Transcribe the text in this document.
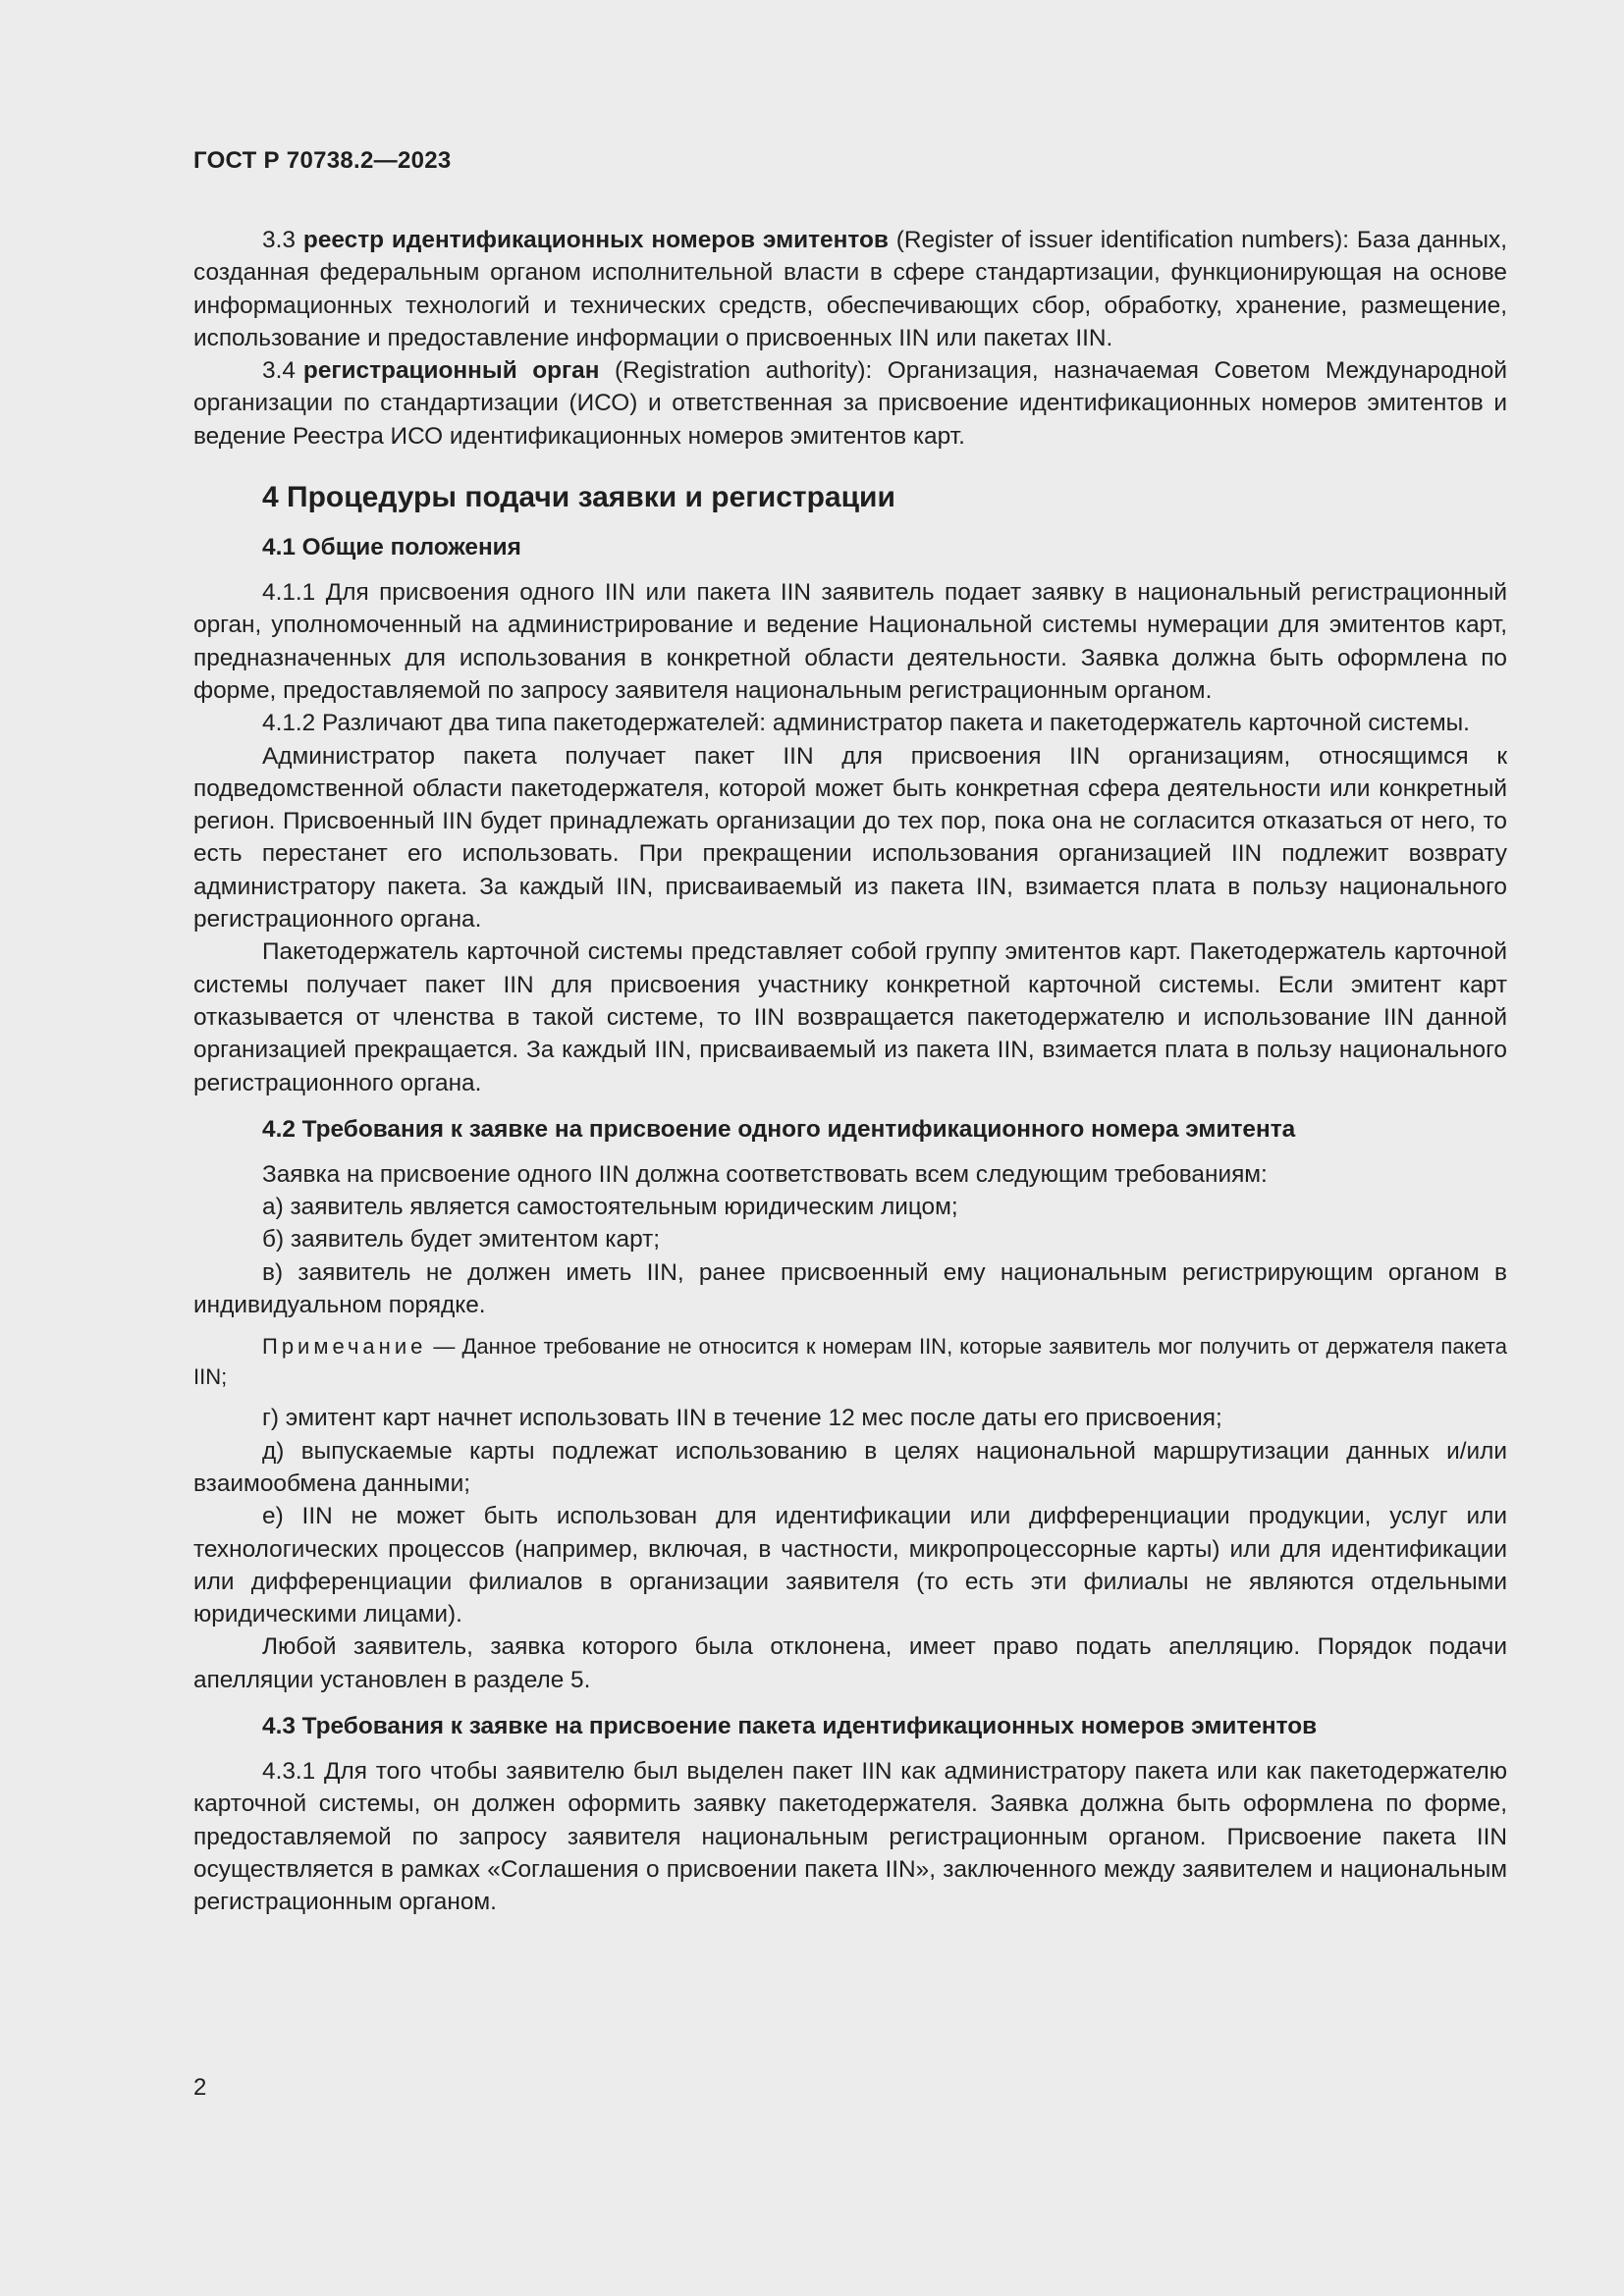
ГОСТ Р 70738.2—2023

3.3 реестр идентификационных номеров эмитентов (Register of issuer identification numbers): База данных, созданная федеральным органом исполнительной власти в сфере стандартизации, функционирующая на основе информационных технологий и технических средств, обеспечивающих сбор, обработку, хранение, размещение, использование и предоставление информации о присвоенных IIN или пакетах IIN.

3.4 регистрационный орган (Registration authority): Организация, назначаемая Советом Международной организации по стандартизации (ИСО) и ответственная за присвоение идентификационных номеров эмитентов и ведение Реестра ИСО идентификационных номеров эмитентов карт.

4 Процедуры подачи заявки и регистрации
4.1 Общие положения

4.1.1 Для присвоения одного IIN или пакета IIN заявитель подает заявку в национальный регистрационный орган, уполномоченный на администрирование и ведение Национальной системы нумерации для эмитентов карт, предназначенных для использования в конкретной области деятельности. Заявка должна быть оформлена по форме, предоставляемой по запросу заявителя национальным регистрационным органом.

4.1.2 Различают два типа пакетодержателей: администратор пакета и пакетодержатель карточной системы.

Администратор пакета получает пакет IIN для присвоения IIN организациям, относящимся к подведомственной области пакетодержателя, которой может быть конкретная сфера деятельности или конкретный регион. Присвоенный IIN будет принадлежать организации до тех пор, пока она не согласится отказаться от него, то есть перестанет его использовать. При прекращении использования организацией IIN подлежит возврату администратору пакета. За каждый IIN, присваиваемый из пакета IIN, взимается плата в пользу национального регистрационного органа.

Пакетодержатель карточной системы представляет собой группу эмитентов карт. Пакетодержатель карточной системы получает пакет IIN для присвоения участнику конкретной карточной системы. Если эмитент карт отказывается от членства в такой системе, то IIN возвращается пакетодержателю и использование IIN данной организацией прекращается. За каждый IIN, присваиваемый из пакета IIN, взимается плата в пользу национального регистрационного органа.

4.2 Требования к заявке на присвоение одного идентификационного номера эмитента

Заявка на присвоение одного IIN должна соответствовать всем следующим требованиям:

а) заявитель является самостоятельным юридическим лицом;

б) заявитель будет эмитентом карт;

в) заявитель не должен иметь IIN, ранее присвоенный ему национальным регистрирующим органом в индивидуальном порядке.

Примечание — Данное требование не относится к номерам IIN, которые заявитель мог получить от держателя пакета IIN;

г) эмитент карт начнет использовать IIN в течение 12 мес после даты его присвоения;

д) выпускаемые карты подлежат использованию в целях национальной маршрутизации данных и/или взаимообмена данными;

е) IIN не может быть использован для идентификации или дифференциации продукции, услуг или технологических процессов (например, включая, в частности, микропроцессорные карты) или для идентификации или дифференциации филиалов в организации заявителя (то есть эти филиалы не являются отдельными юридическими лицами).

Любой заявитель, заявка которого была отклонена, имеет право подать апелляцию. Порядок подачи апелляции установлен в разделе 5.

4.3 Требования к заявке на присвоение пакета идентификационных номеров эмитентов

4.3.1 Для того чтобы заявителю был выделен пакет IIN как администратору пакета или как пакетодержателю карточной системы, он должен оформить заявку пакетодержателя. Заявка должна быть оформлена по форме, предоставляемой по запросу заявителя национальным регистрационным органом. Присвоение пакета IIN осуществляется в рамках «Соглашения о присвоении пакета IIN», заключенного между заявителем и национальным регистрационным органом.

2
